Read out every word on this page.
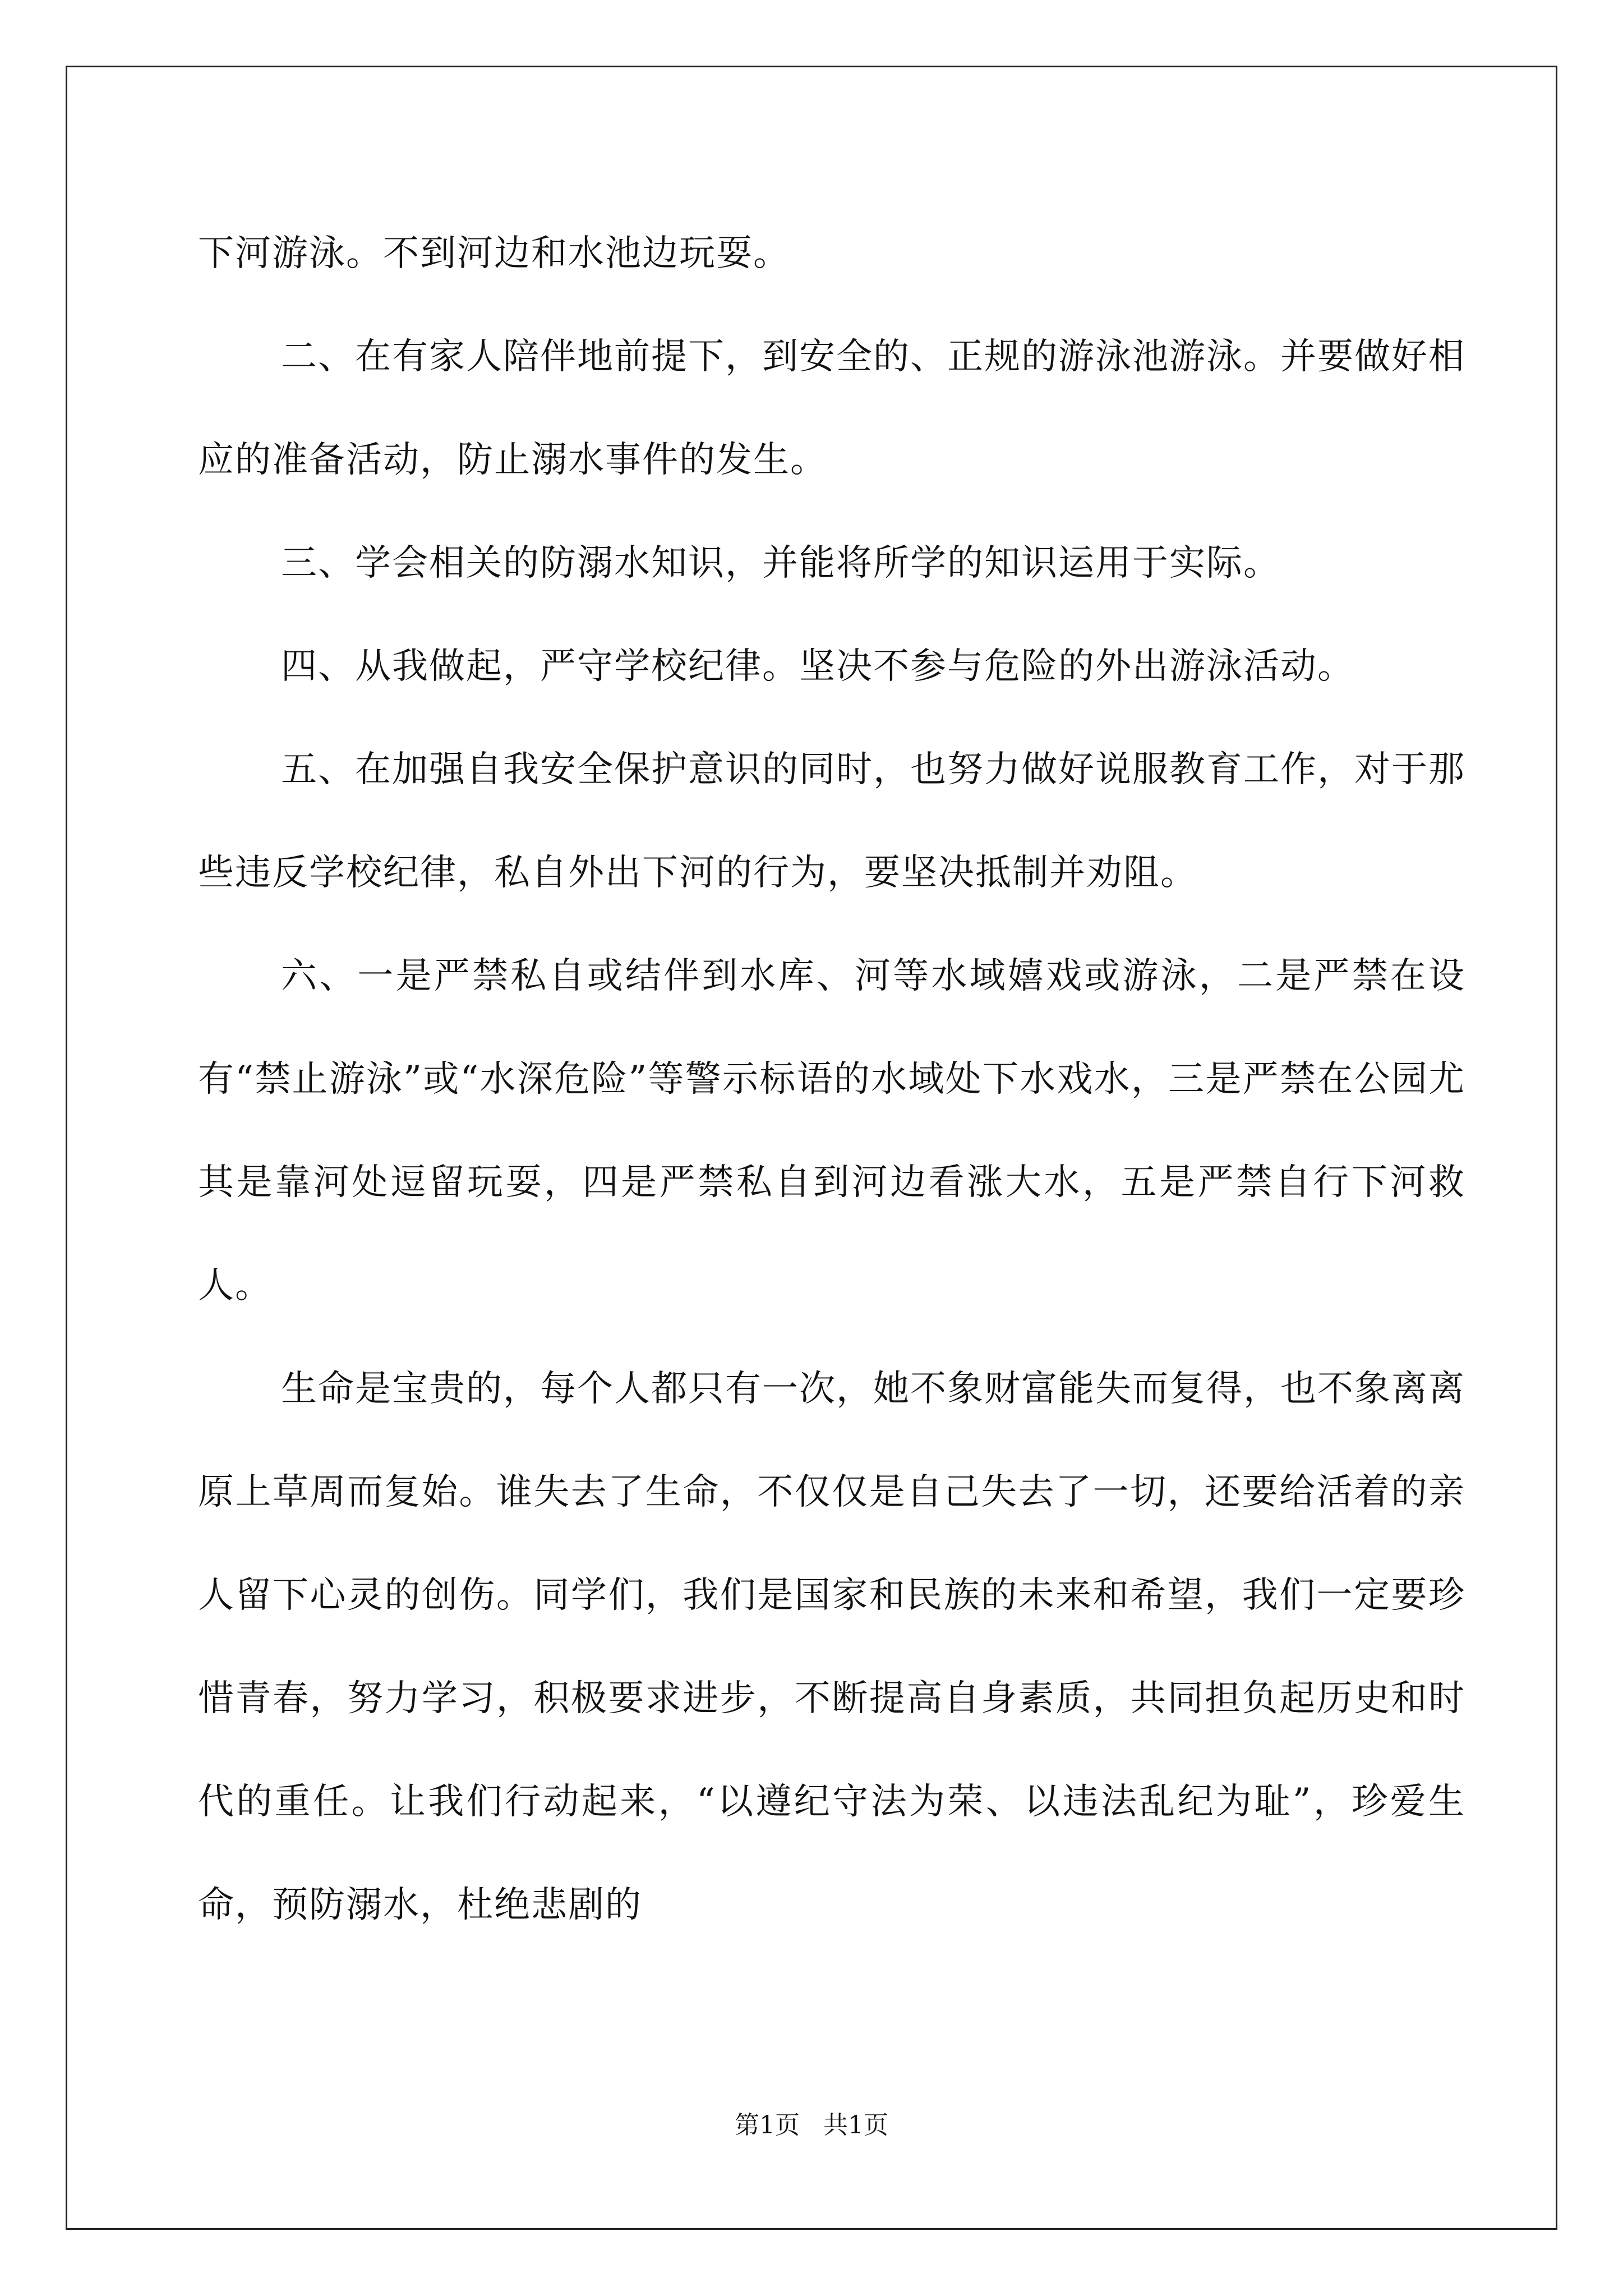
下河游泳。不到河边和水池边玩耍。

二、在有家人陪伴地前提下，到安全的、正规的游泳池游泳。并要做好相应的准备活动，防止溺水事件的发生。

三、学会相关的防溺水知识，并能将所学的知识运用于实际。

四、从我做起，严守学校纪律。坚决不参与危险的外出游泳活动。

五、在加强自我安全保护意识的同时，也努力做好说服教育工作，对于那些违反学校纪律，私自外出下河的行为，要坚决抵制并劝阻。

六、一是严禁私自或结伴到水库、河等水域嬉戏或游泳，二是严禁在设有“禁止游泳”或“水深危险”等警示标语的水域处下水戏水，三是严禁在公园尤其是靠河处逗留玩耍，四是严禁私自到河边看涨大水，五是严禁自行下河救人。

生命是宝贵的，每个人都只有一次，她不象财富能失而复得，也不象离离原上草周而复始。谁失去了生命，不仅仅是自己失去了一切，还要给活着的亲人留下心灵的创伤。同学们，我们是国家和民族的未来和希望，我们一定要珍惜青春，努力学习，积极要求进步，不断提高自身素质，共同担负起历史和时代的重任。让我们行动起来，“以遵纪守法为荣、以违法乱纪为耻”，珍爱生命，预防溺水，杜绝悲剧的

第1页 共1页
